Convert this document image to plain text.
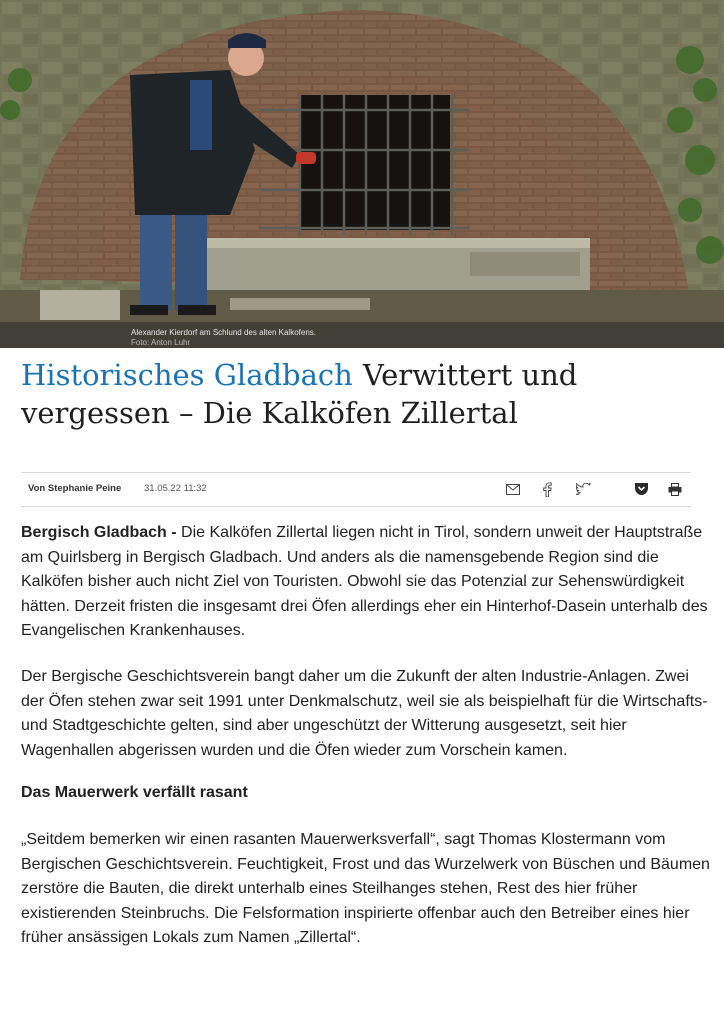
Alexander Kierdorf am Schlund des alten Kalkofens.
Foto: Anton Luhr
Historisches Gladbach Verwittert und vergessen – Die Kalköfen Zillertal
Von Stephanie Peine 31.05.22 11:32

Bergisch Gladbach - Die Kalköfen Zillertal liegen nicht in Tirol, sondern unweit der Hauptstraße am Quirlsberg in Bergisch Gladbach. Und anders als die namensgebende Region sind die Kalköfen bisher auch nicht Ziel von Touristen. Obwohl sie das Potenzial zur Sehenswürdigkeit hätten. Derzeit fristen die insgesamt drei Öfen allerdings eher ein Hinterhof-Dasein unterhalb des Evangelischen Krankenhauses.

Der Bergische Geschichtsverein bangt daher um die Zukunft der alten Industrie-Anlagen. Zwei der Öfen stehen zwar seit 1991 unter Denkmalschutz, weil sie als beispielhaft für die Wirtschafts- und Stadtgeschichte gelten, sind aber ungeschützt der Witterung ausgesetzt, seit hier Wagenhallen abgerissen wurden und die Öfen wieder zum Vorschein kamen.

Das Mauerwerk verfällt rasant

„Seitdem bemerken wir einen rasanten Mauerwerksverfall“, sagt Thomas Klostermann vom Bergischen Geschichtsverein. Feuchtigkeit, Frost und das Wurzelwerk von Büschen und Bäumen zerstöre die Bauten, die direkt unterhalb eines Steilhanges stehen, Rest des hier früher existierenden Steinbruchs. Die Felsformation inspirierte offenbar auch den Betreiber eines hier früher ansässigen Lokals zum Namen „Zillertal“.
